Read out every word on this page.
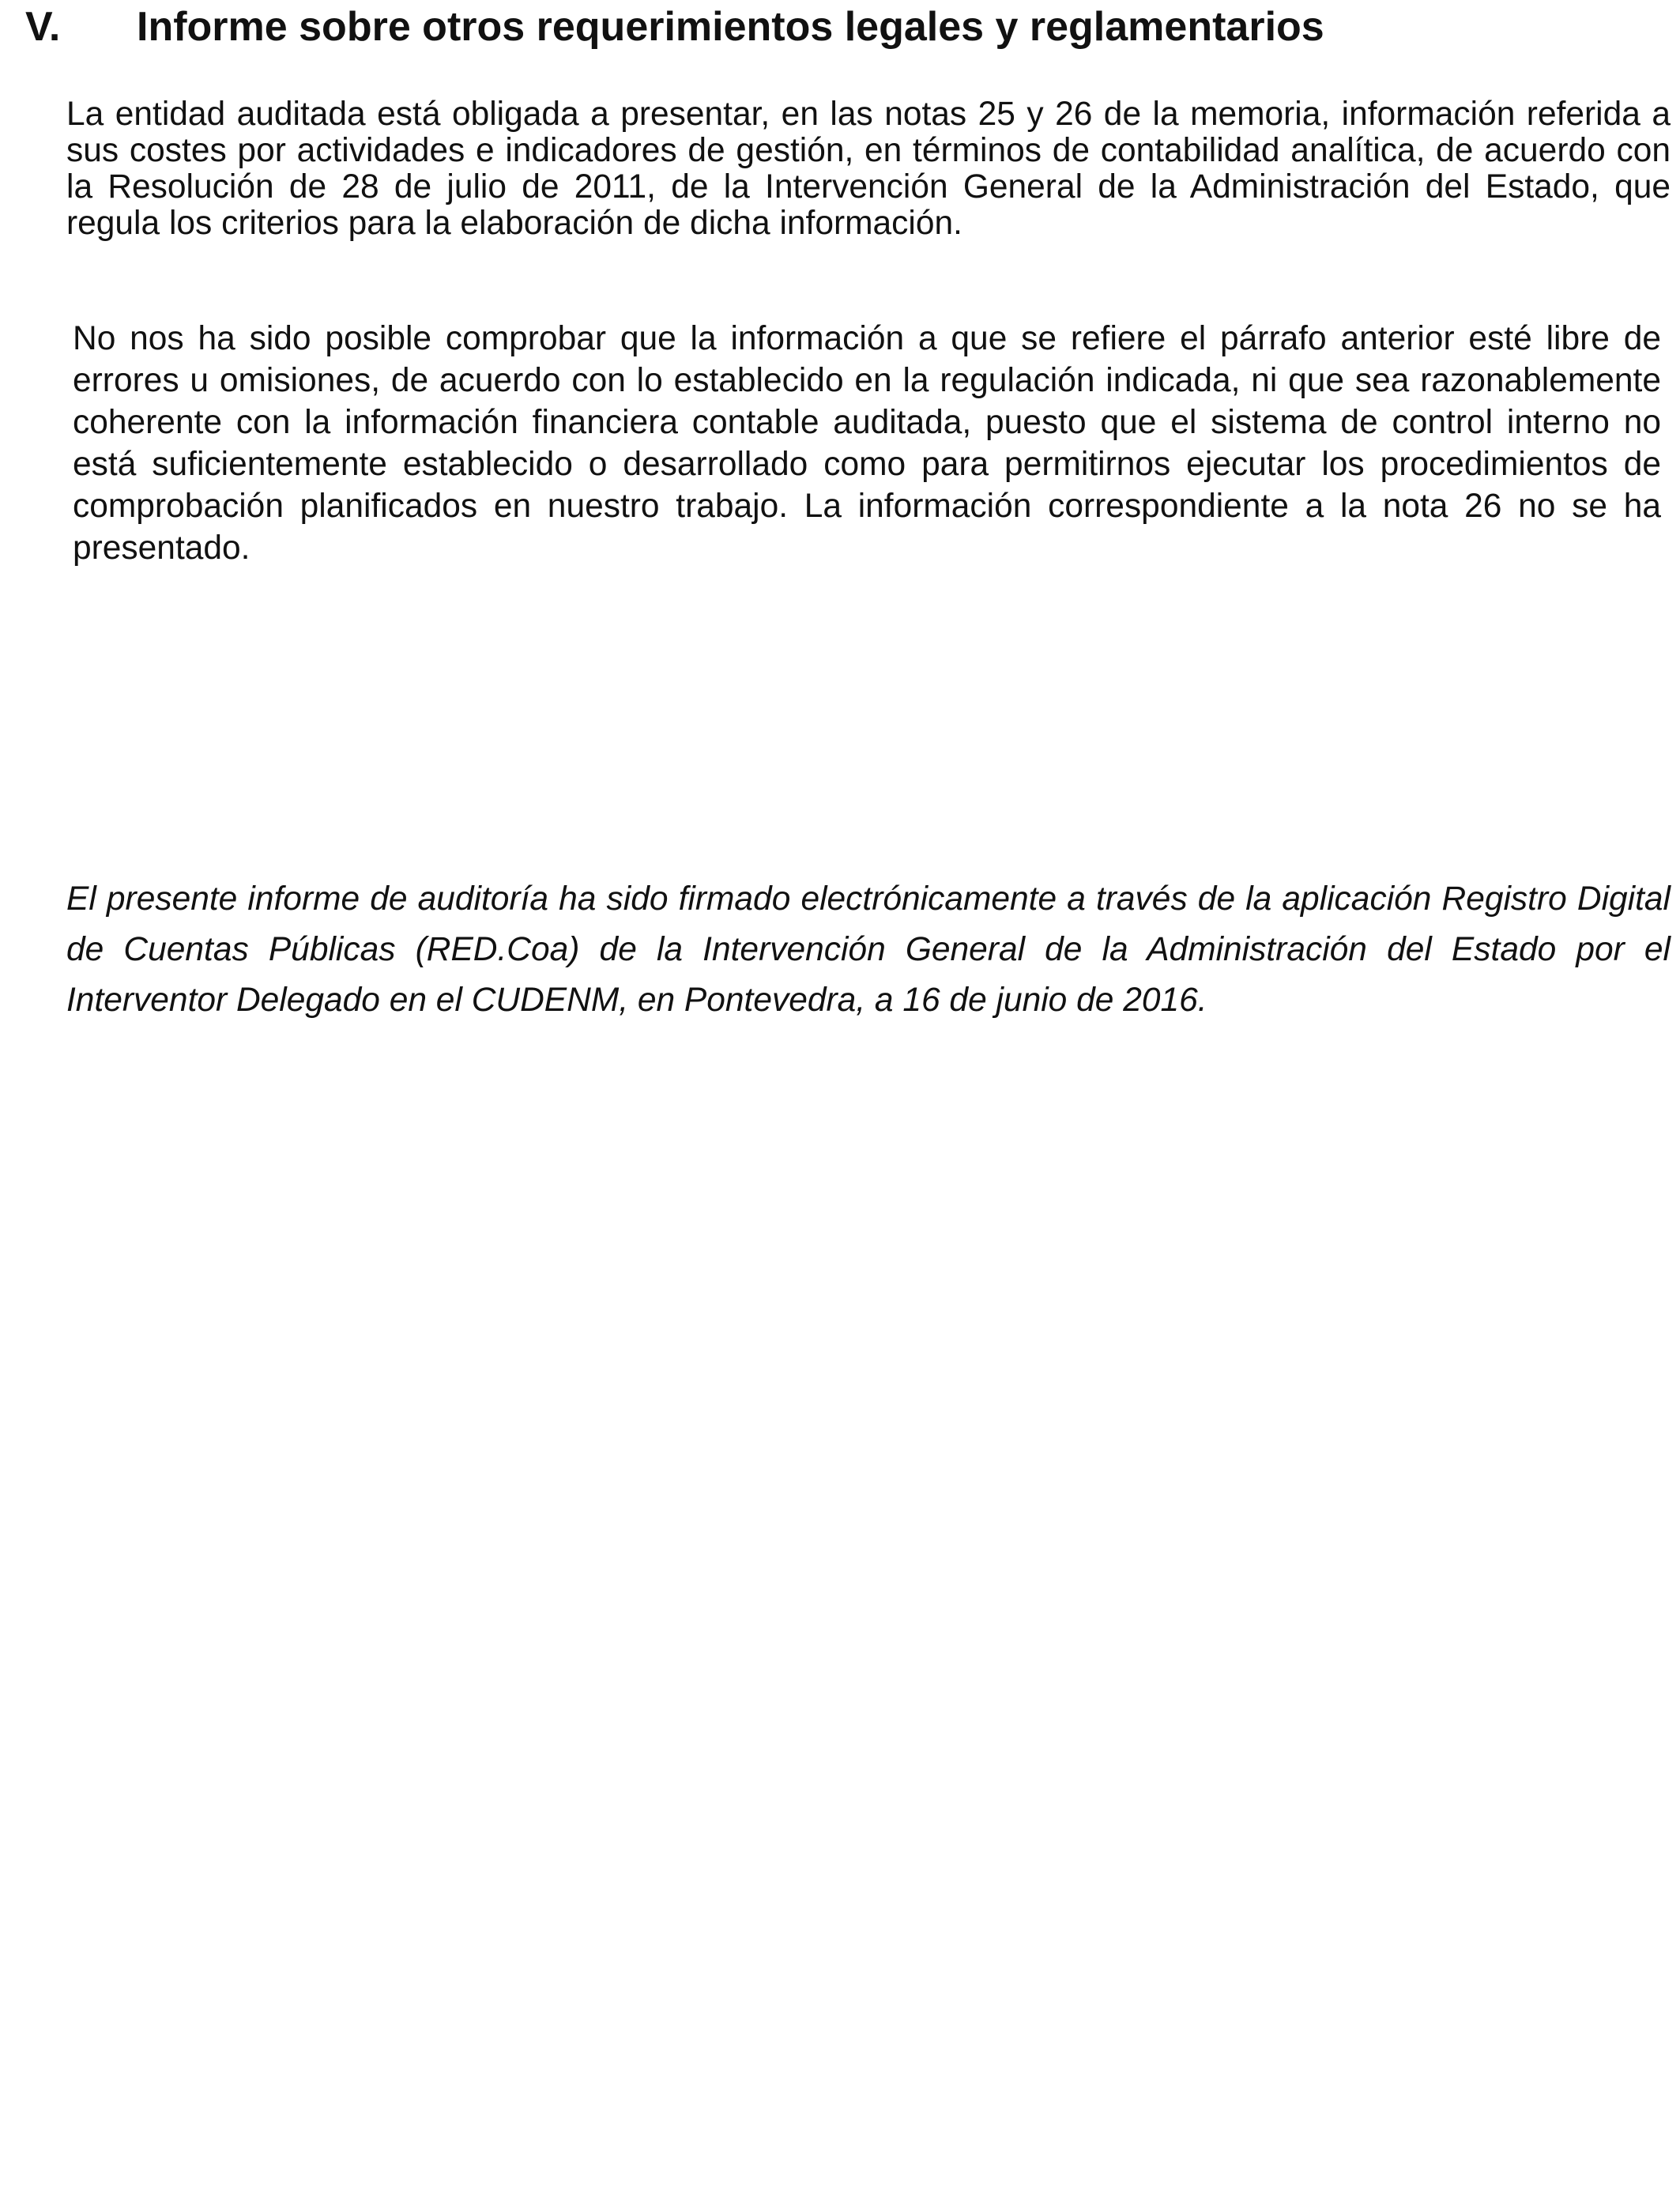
V. Informe sobre otros requerimientos legales y reglamentarios

La entidad auditada está obligada a presentar, en las notas 25 y 26 de la memoria, información referida a sus costes por actividades e indicadores de gestión, en términos de contabilidad analítica, de acuerdo con la Resolución de 28 de julio de 2011, de la Intervención General de la Administración del Estado, que regula los criterios para la elaboración de dicha información.

No nos ha sido posible comprobar que la información a que se refiere el párrafo anterior esté libre de errores u omisiones, de acuerdo con lo establecido en la regulación indicada, ni que sea razonablemente coherente con la información financiera contable auditada, puesto que el sistema de control interno no está suficientemente establecido o desarrollado como para permitirnos ejecutar los procedimientos de comprobación planificados en nuestro trabajo. La información correspondiente a la nota 26 no se ha presentado.

El presente informe de auditoría ha sido firmado electrónicamente a través de la aplicación Registro Digital de Cuentas Públicas (RED.Coa) de la Intervención General de la Administración del Estado por el Interventor Delegado en el CUDENM, en Pontevedra, a 16 de junio de 2016.
